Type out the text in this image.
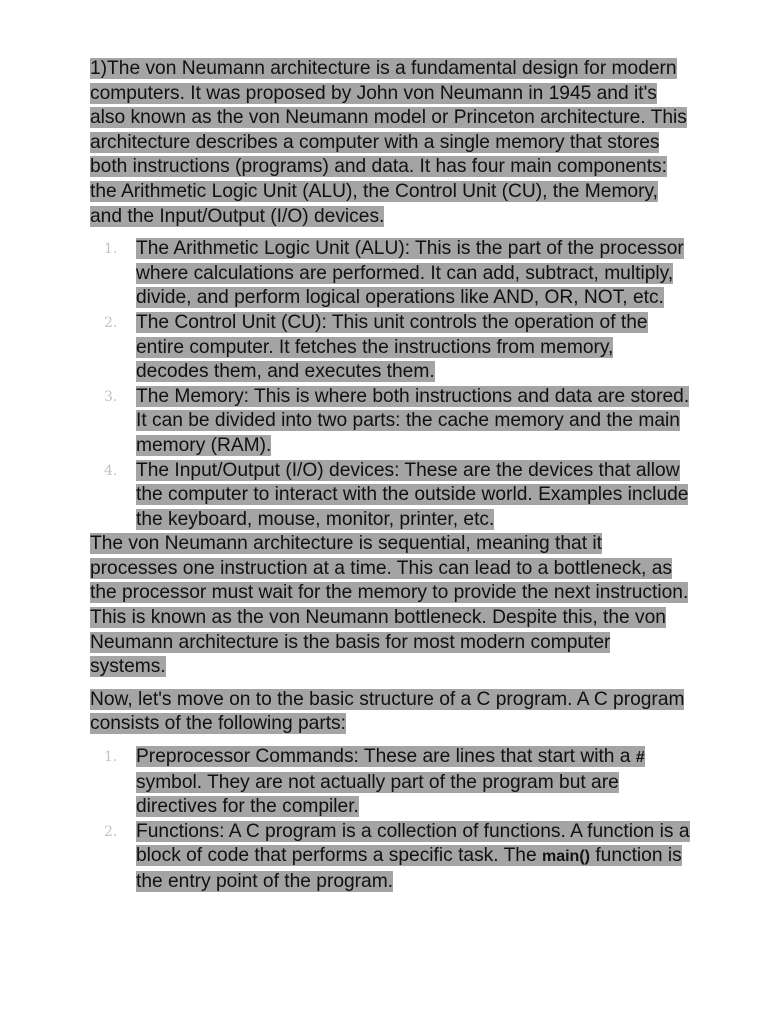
1)The von Neumann architecture is a fundamental design for modern computers. It was proposed by John von Neumann in 1945 and it's also known as the von Neumann model or Princeton architecture. This architecture describes a computer with a single memory that stores both instructions (programs) and data. It has four main components: the Arithmetic Logic Unit (ALU), the Control Unit (CU), the Memory, and the Input/Output (I/O) devices.

1. The Arithmetic Logic Unit (ALU): This is the part of the processor where calculations are performed. It can add, subtract, multiply, divide, and perform logical operations like AND, OR, NOT, etc.
2. The Control Unit (CU): This unit controls the operation of the entire computer. It fetches the instructions from memory, decodes them, and executes them.
3. The Memory: This is where both instructions and data are stored. It can be divided into two parts: the cache memory and the main memory (RAM).
4. The Input/Output (I/O) devices: These are the devices that allow the computer to interact with the outside world. Examples include the keyboard, mouse, monitor, printer, etc.

The von Neumann architecture is sequential, meaning that it processes one instruction at a time. This can lead to a bottleneck, as the processor must wait for the memory to provide the next instruction. This is known as the von Neumann bottleneck. Despite this, the von Neumann architecture is the basis for most modern computer systems.

Now, let's move on to the basic structure of a C program. A C program consists of the following parts:

1. Preprocessor Commands: These are lines that start with a # symbol. They are not actually part of the program but are directives for the compiler.
2. Functions: A C program is a collection of functions. A function is a block of code that performs a specific task. The main() function is the entry point of the program.
